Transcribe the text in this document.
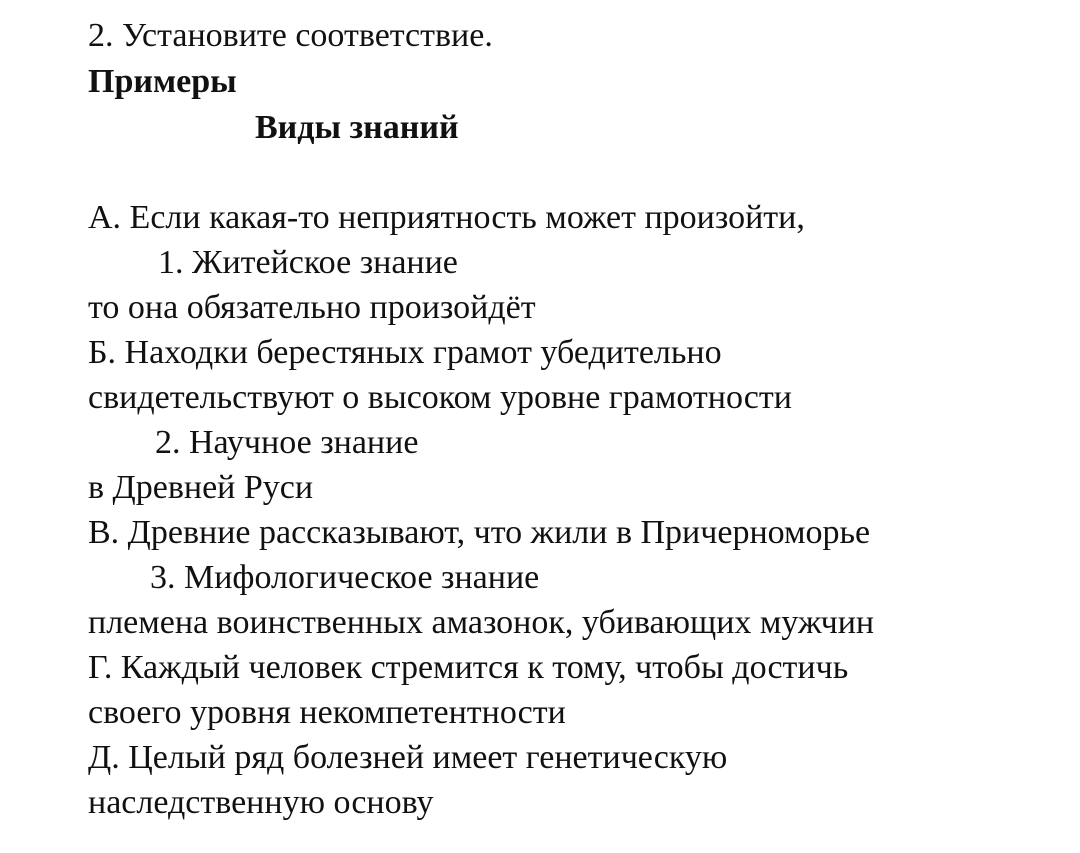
2. Установите соответствие.
Примеры
Виды знаний
А. Если какая-то неприятность может произойти,
1. Житейское знание
то она обязательно произойдёт
Б. Находки берестяных грамот убедительно
свидетельствуют о высоком уровне грамотности
2. Научное знание
в Древней Руси
В. Древние рассказывают, что жили в Причерноморье
3. Мифологическое знание
племена воинственных амазонок, убивающих мужчин
Г. Каждый человек стремится к тому, чтобы достичь
своего уровня некомпетентности
Д. Целый ряд болезней имеет генетическую
наследственную основу
